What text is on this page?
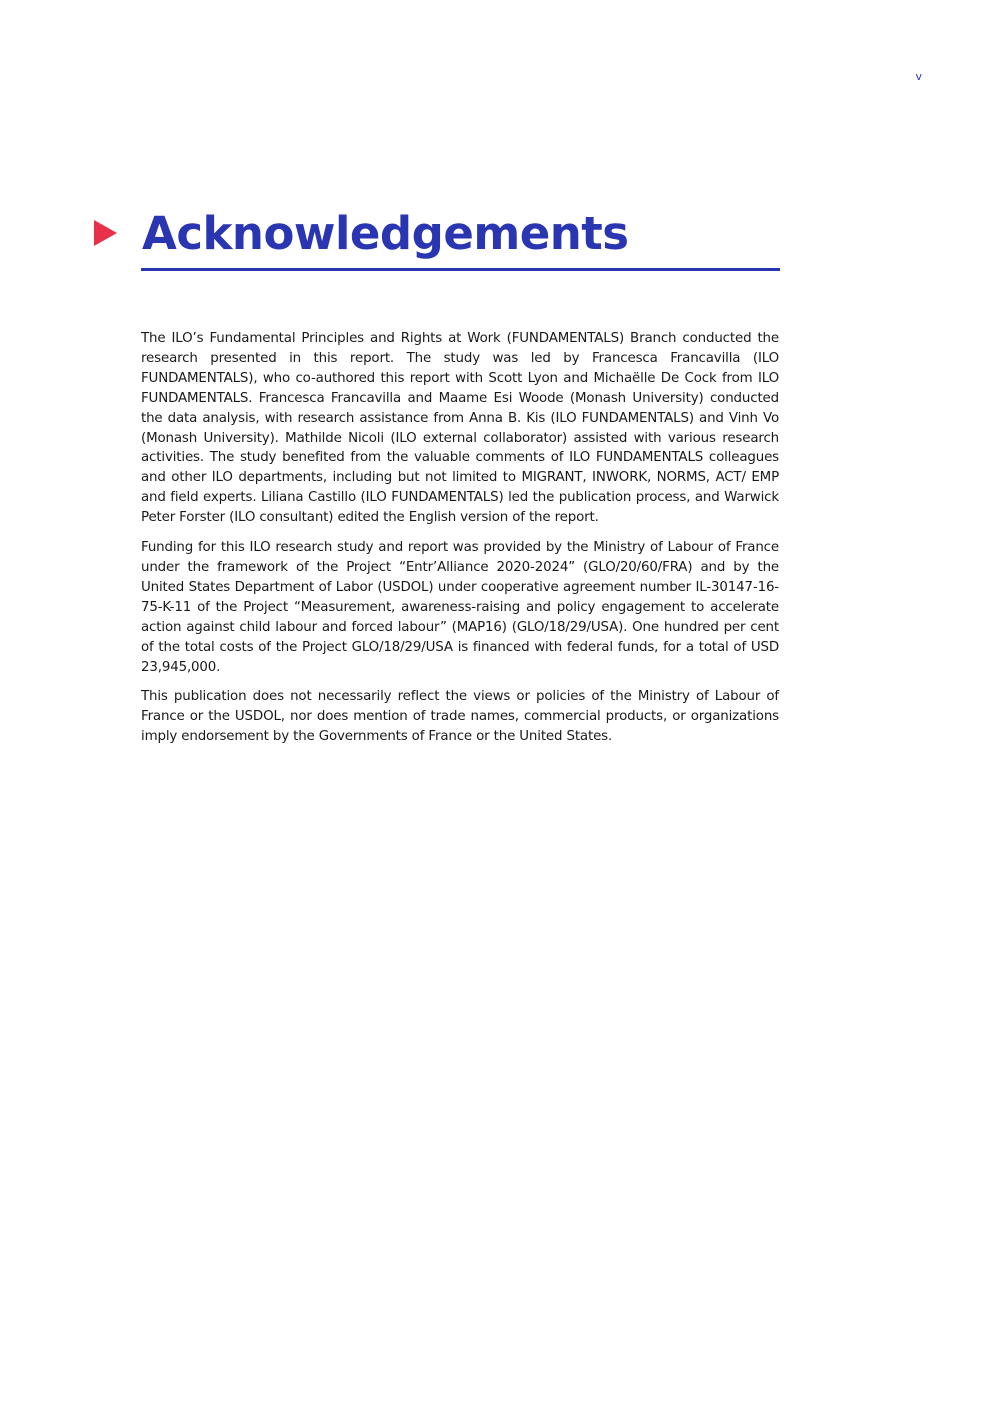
v
Acknowledgements

The ILO’s Fundamental Principles and Rights at Work (FUNDAMENTALS) Branch conducted the research presented in this report. The study was led by Francesca Francavilla (ILO FUNDAMENTALS), who co-authored this report with Scott Lyon and Michaëlle De Cock from ILO FUNDAMENTALS. Francesca Francavilla and Maame Esi Woode (Monash University) conducted the data analysis, with research assistance from Anna B. Kis (ILO FUNDAMENTALS) and Vinh Vo (Monash University). Mathilde Nicoli (ILO external collaborator) assisted with various research activities. The study benefited from the valuable comments of ILO FUNDAMENTALS colleagues and other ILO departments, including but not limited to MIGRANT, INWORK, NORMS, ACT/ EMP and field experts. Liliana Castillo (ILO FUNDAMENTALS) led the publication process, and Warwick Peter Forster (ILO consultant) edited the English version of the report.

Funding for this ILO research study and report was provided by the Ministry of Labour of France under the framework of the Project “Entr’Alliance 2020-2024” (GLO/20/60/FRA) and by the United States Department of Labor (USDOL) under cooperative agreement number IL-30147-16-75-K-11 of the Project “Measurement, awareness-raising and policy engagement to accelerate action against child labour and forced labour” (MAP16) (GLO/18/29/USA). One hundred per cent of the total costs of the Project GLO/18/29/USA is financed with federal funds, for a total of USD 23,945,000.

This publication does not necessarily reflect the views or policies of the Ministry of Labour of France or the USDOL, nor does mention of trade names, commercial products, or organizations imply endorsement by the Governments of France or the United States.
